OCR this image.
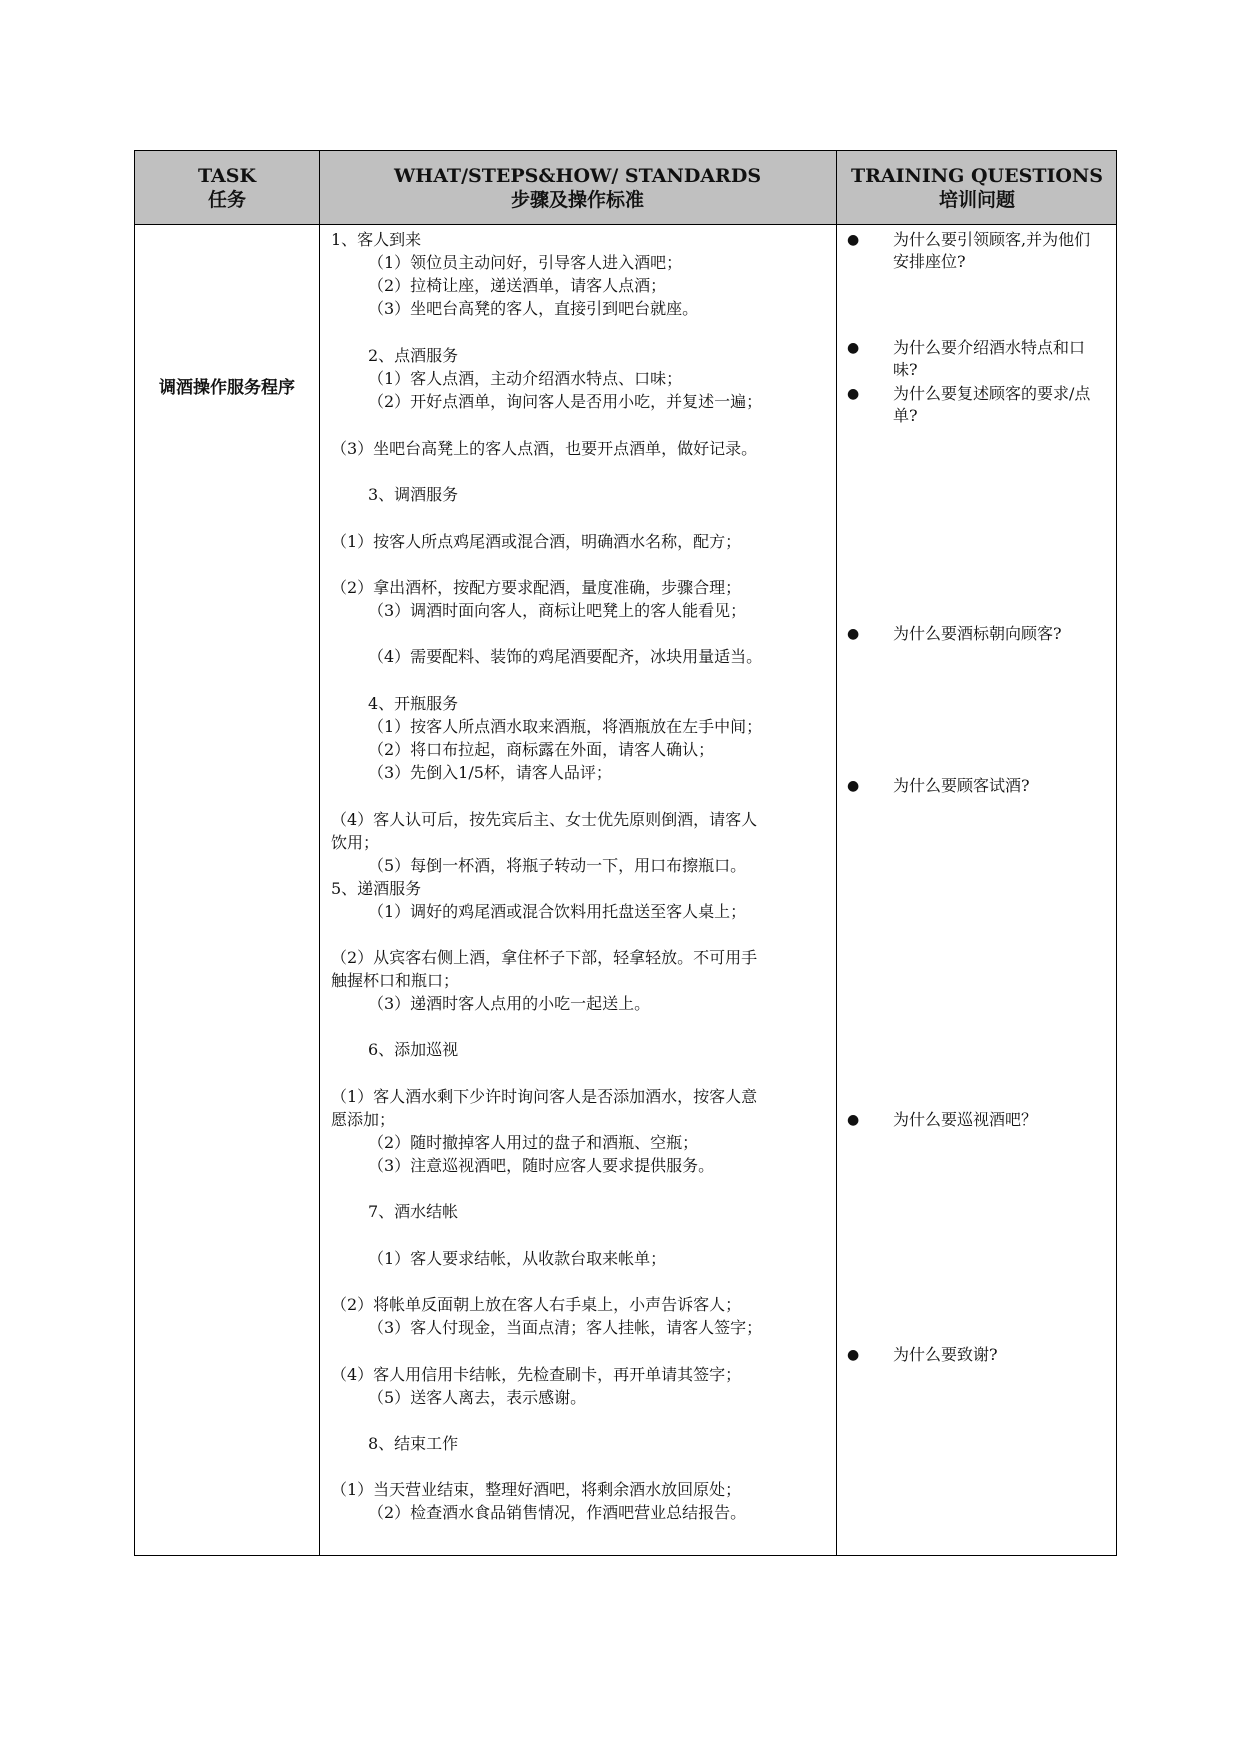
TASK
任务
WHAT/STEPS&HOW/ STANDARDS
步骤及操作标准
TRAINING QUESTIONS
培训问题
调酒操作服务程序
1、客人到来
（1）领位员主动问好，引导客人进入酒吧；
（2）拉椅让座，递送酒单，请客人点酒；
（3）坐吧台高凳的客人，直接引到吧台就座。
2、点酒服务
（1）客人点酒，主动介绍酒水特点、口味；
（2）开好点酒单，询问客人是否用小吃，并复述一遍；
（3）坐吧台高凳上的客人点酒，也要开点酒单，做好记录。
3、调酒服务
（1）按客人所点鸡尾酒或混合酒，明确酒水名称，配方；
（2）拿出酒杯，按配方要求配酒，量度准确，步骤合理；
（3）调酒时面向客人，商标让吧凳上的客人能看见；
（4）需要配料、装饰的鸡尾酒要配齐，冰块用量适当。
4、开瓶服务
（1）按客人所点酒水取来酒瓶，将酒瓶放在左手中间；
（2）将口布拉起，商标露在外面，请客人确认；
（3）先倒入1/5杯，请客人品评；
（4）客人认可后，按先宾后主、女士优先原则倒酒，请客人
饮用；
（5）每倒一杯酒，将瓶子转动一下，用口布擦瓶口。
5、递酒服务
（1）调好的鸡尾酒或混合饮料用托盘送至客人桌上；
（2）从宾客右侧上酒，拿住杯子下部，轻拿轻放。不可用手
触握杯口和瓶口；
（3）递酒时客人点用的小吃一起送上。
6、添加巡视
（1）客人酒水剩下少许时询问客人是否添加酒水，按客人意
愿添加；
（2）随时撤掉客人用过的盘子和酒瓶、空瓶；
（3）注意巡视酒吧，随时应客人要求提供服务。
7、酒水结帐
（1）客人要求结帐，从收款台取来帐单；
（2）将帐单反面朝上放在客人右手桌上，小声告诉客人；
（3）客人付现金，当面点清；客人挂帐，请客人签字；
（4）客人用信用卡结帐，先检查刷卡，再开单请其签字；
（5）送客人离去，表示感谢。
8、结束工作
（1）当天营业结束，整理好酒吧，将剩余酒水放回原处；
（2）检查酒水食品销售情况，作酒吧营业总结报告。
● 为什么要引领顾客,并为他们安排座位?
● 为什么要介绍酒水特点和口味?
● 为什么要复述顾客的要求/点单?
● 为什么要酒标朝向顾客?
● 为什么要顾客试酒?
● 为什么要巡视酒吧？
● 为什么要致谢?
